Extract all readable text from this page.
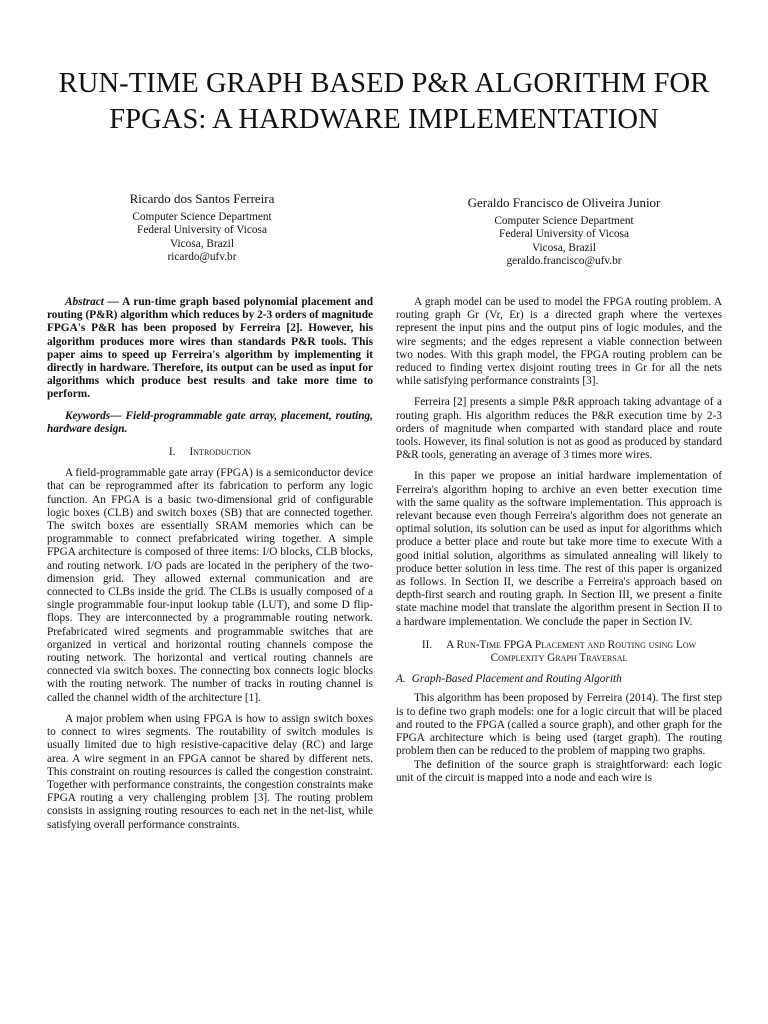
RUN-TIME GRAPH BASED P&R ALGORITHM FOR FPGAS: A HARDWARE IMPLEMENTATION
Ricardo dos Santos Ferreira
Computer Science Department
Federal University of Vicosa
Vicosa, Brazil
ricardo@ufv.br
Geraldo Francisco de Oliveira Junior
Computer Science Department
Federal University of Vicosa
Vicosa, Brazil
geraldo.francisco@ufv.br

Abstract — A run-time graph based polynomial placement and routing (P&R) algorithm which reduces by 2-3 orders of magnitude FPGA's P&R has been proposed by Ferreira [2]. However, his algorithm produces more wires than standards P&R tools. This paper aims to speed up Ferreira's algorithm by implementing it directly in hardware. Therefore, its output can be used as input for algorithms which produce best results and take more time to perform.

Keywords— Field-programmable gate array, placement, routing, hardware design.

I. Introduction

A field-programmable gate array (FPGA) is a semiconductor device that can be reprogrammed after its fabrication to perform any logic function. An FPGA is a basic two-dimensional grid of configurable logic boxes (CLB) and switch boxes (SB) that are connected together. The switch boxes are essentially SRAM memories which can be programmable to connect prefabricated wiring together. A simple FPGA architecture is composed of three items: I/O blocks, CLB blocks, and routing network. I/O pads are located in the periphery of the two-dimension grid. They allowed external communication and are connected to CLBs inside the grid. The CLBs is usually composed of a single programmable four-input lookup table (LUT), and some D flip-flops. They are interconnected by a programmable routing network. Prefabricated wired segments and programmable switches that are organized in vertical and horizontal routing channels compose the routing network. The horizontal and vertical routing channels are connected via switch boxes. The connecting box connects logic blocks with the routing network. The number of tracks in routing channel is called the channel width of the architecture [1].

A major problem when using FPGA is how to assign switch boxes to connect to wires segments. The routability of switch modules is usually limited due to high resistive-capacitive delay (RC) and large area. A wire segment in an FPGA cannot be shared by different nets. This constraint on routing resources is called the congestion constraint. Together with performance constraints, the congestion constraints make FPGA routing a very challenging problem [3]. The routing problem consists in assigning routing resources to each net in the net-list, while satisfying overall performance constraints.

A graph model can be used to model the FPGA routing problem. A routing graph Gr (Vr, Er) is a directed graph where the vertexes represent the input pins and the output pins of logic modules, and the wire segments; and the edges represent a viable connection between two nodes. With this graph model, the FPGA routing problem can be reduced to finding vertex disjoint routing trees in Gr for all the nets while satisfying performance constraints [3].

Ferreira [2] presents a simple P&R approach taking advantage of a routing graph. His algorithm reduces the P&R execution time by 2-3 orders of magnitude when comparted with standard place and route tools. However, its final solution is not as good as produced by standard P&R tools, generating an average of 3 times more wires.

In this paper we propose an initial hardware implementation of Ferreira's algorithm hoping to archive an even better execution time with the same quality as the software implementation. This approach is relevant because even though Ferreira's algorithm does not generate an optimal solution, its solution can be used as input for algorithms which produce a better place and route but take more time to execute With a good initial solution, algorithms as simulated annealing will likely to produce better solution in less time. The rest of this paper is organized as follows. In Section II, we describe a Ferreira's approach based on depth-first search and routing graph. In Section III, we present a finite state machine model that translate the algorithm present in Section II to a hardware implementation. We conclude the paper in Section IV.

II. A Run-Time FPGA Placement and Routing using Low Complexity Graph Traversal
A. Graph-Based Placement and Routing Algorith

This algorithm has been proposed by Ferreira (2014). The first step is to define two graph models: one for a logic circuit that will be placed and routed to the FPGA (called a source graph), and other graph for the FPGA architecture which is being used (target graph). The routing problem then can be reduced to the problem of mapping two graphs.

The definition of the source graph is straightforward: each logic unit of the circuit is mapped into a node and each wire is
